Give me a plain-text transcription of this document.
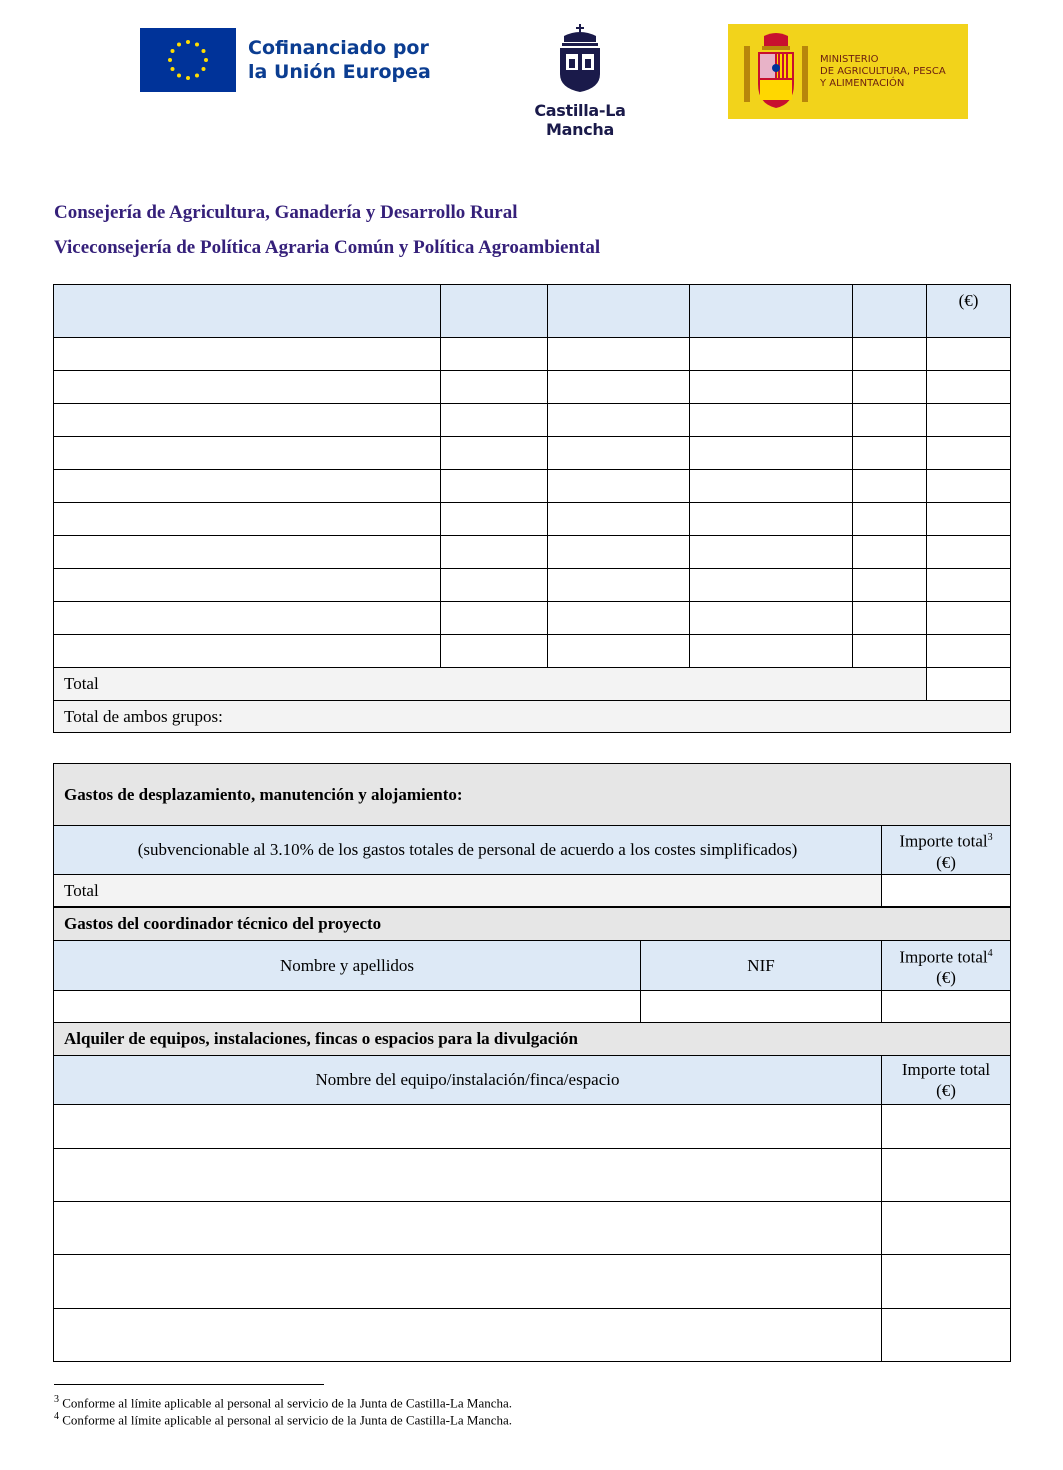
Cofinanciado por
la Unión Europea
Castilla-La Mancha
MINISTERIO
DE AGRICULTURA, PESCA
Y ALIMENTACIÓN
Consejería de Agricultura, Ganadería y Desarrollo Rural
Viceconsejería de Política Agraria Común y Política Agroambiental
					(€)

Total					
Total de ambos grupos:					
Gastos de desplazamiento, manutención y alojamiento:	
(subvencionable al 3.10% de los gastos totales de personal de acuerdo a los costes simplificados)	Importe total$^3$
(€)
Total	
Gastos del coordinador técnico del proyecto		
Nombre y apellidos	NIF	Importe total$^4$
(€)

Alquiler de equipos, instalaciones, fincas o espacios para la divulgación	
Nombre del equipo/instalación/finca/espacio	Importe total
(€)

$^3$ Conforme al límite aplicable al personal al servicio de la Junta de Castilla-La Mancha.
$^4$ Conforme al límite aplicable al personal al servicio de la Junta de Castilla-La Mancha.
